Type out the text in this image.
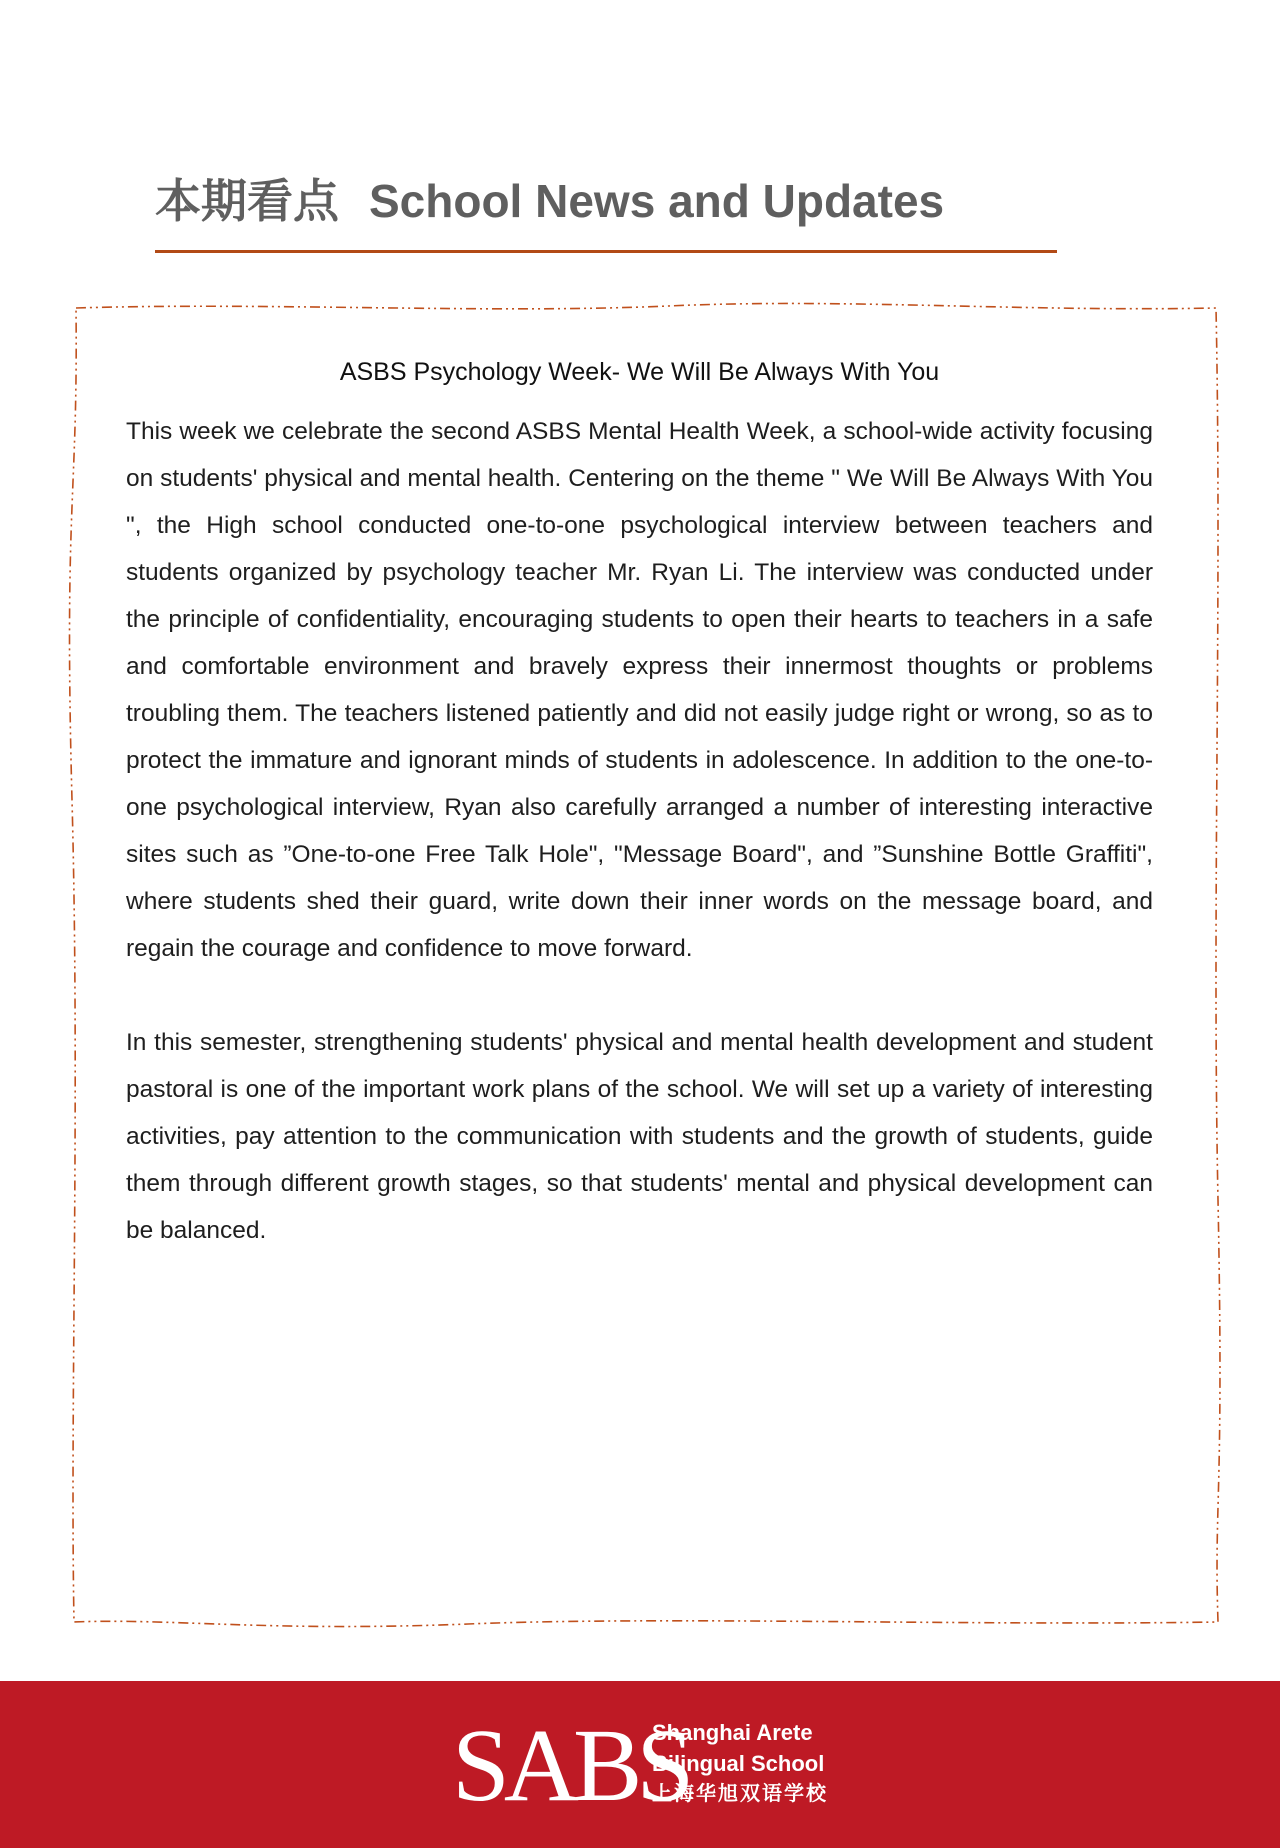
本期看点 School News and Updates
ASBS Psychology Week- We Will Be Always With You

This week we celebrate the second ASBS Mental Health Week, a school-wide activity focusing on students' physical and mental health. Centering on the theme " We Will Be Always With You ", the High school conducted one-to-one psychological interview between teachers and students organized by psychology teacher Mr. Ryan Li. The interview was conducted under the principle of confidentiality, encouraging students to open their hearts to teachers in a safe and comfortable environment and bravely express their innermost thoughts or problems troubling them. The teachers listened patiently and did not easily judge right or wrong, so as to protect the immature and ignorant minds of students in adolescence. In addition to the one-to-one psychological interview, Ryan also carefully arranged a number of interesting interactive sites such as ”One-to-one Free Talk Hole", "Message Board", and ”Sunshine Bottle Graffiti", where students shed their guard, write down their inner words on the message board, and regain the courage and confidence to move forward.

In this semester, strengthening students' physical and mental health development and student pastoral is one of the important work plans of the school. We will set up a variety of interesting activities, pay attention to the communication with students and the growth of students, guide them through different growth stages, so that students' mental and physical development can be balanced.

SABS
Shanghai Arete
Bilingual School
上海华旭双语学校
